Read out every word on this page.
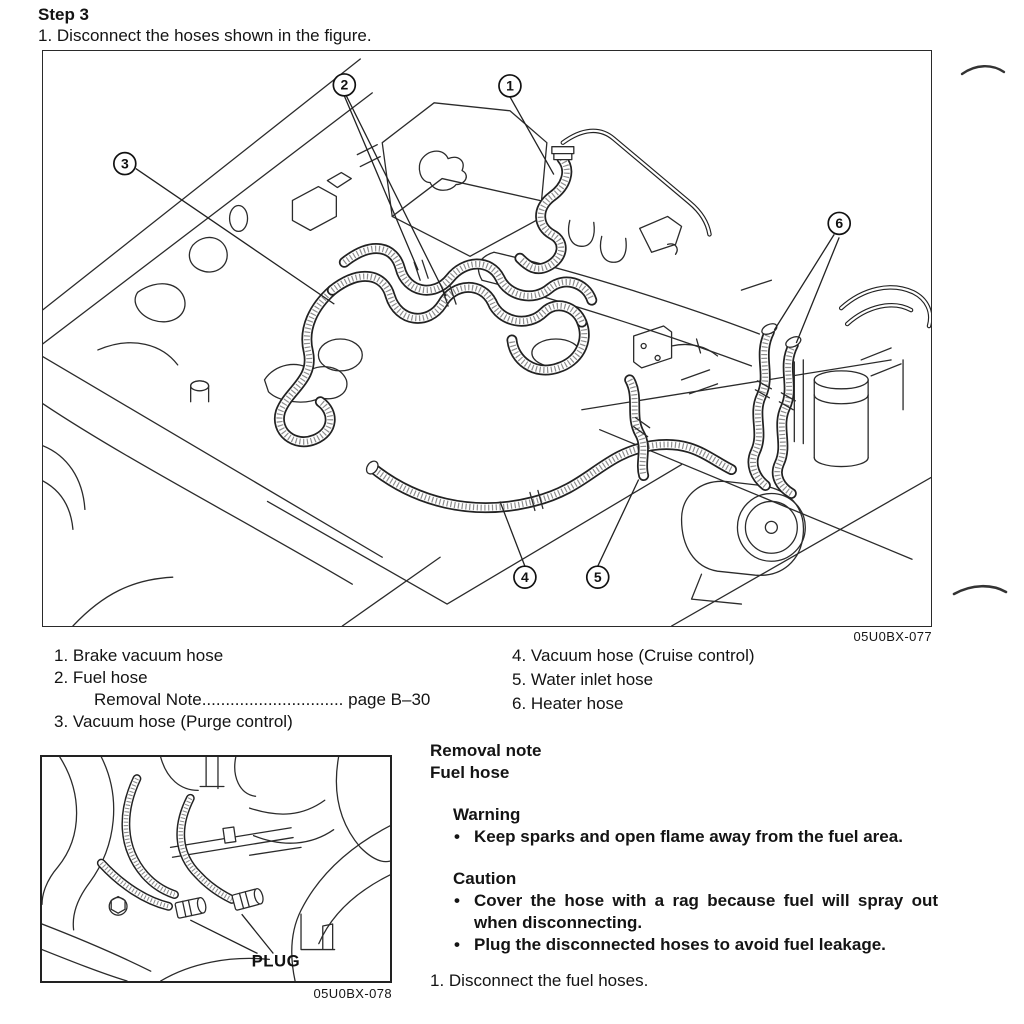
Step 3
1. Disconnect the hoses shown in the figure.
1
2
3
4	5
6
05U0BX-077
1. Brake vacuum hose
2. Fuel hose
Removal Note.............................. page B–30
3. Vacuum hose (Purge control)
4. Vacuum hose (Cruise control)
5. Water inlet hose
6. Heater hose
PLUG
05U0BX-078
Removal note
Fuel hose
Warning
• Keep sparks and open flame away from the fuel area.
Caution
• Cover the hose with a rag because fuel will spray out when disconnecting.
• Plug the disconnected hoses to avoid fuel leakage.
1. Disconnect the fuel hoses.
